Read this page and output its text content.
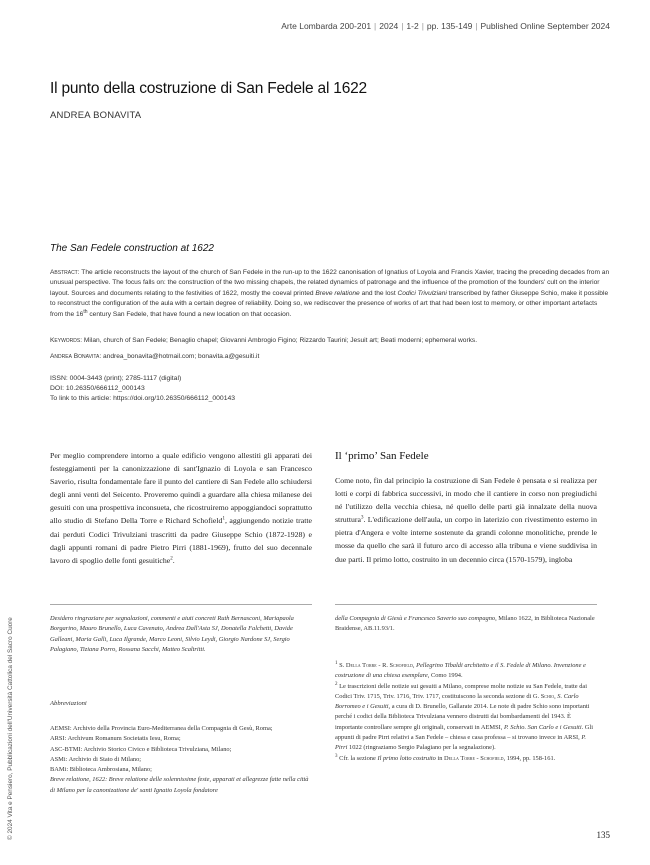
Arte Lombarda 200-201 | 2024 | 1-2 | pp. 135-149 | Published Online September 2024
Il punto della costruzione di San Fedele al 1622
ANDREA BONAVITA
The San Fedele construction at 1622
Abstract: The article reconstructs the layout of the church of San Fedele in the run-up to the 1622 canonisation of Ignatius of Loyola and Francis Xavier, tracing the preceding decades from an unusual perspective. The focus falls on: the construction of the two missing chapels, the related dynamics of patronage and the influence of the promotion of the founders' cult on the interior layout. Sources and documents relating to the festivities of 1622, mostly the coeval printed Breve relatione and the lost Codici Trivulziani transcribed by father Giuseppe Schio, make it possible to reconstruct the configuration of the aula with a certain degree of reliability. Doing so, we rediscover the presence of works of art that had been lost to memory, or other important artefacts from the 16th century San Fedele, that have found a new location on that occasion.
Keywords: Milan, church of San Fedele; Benaglio chapel; Giovanni Ambrogio Figino; Rizzardo Taurini; Jesuit art; Beati moderni; ephemeral works.
Andrea Bonavita: andrea_bonavita@hotmail.com; bonavita.a@gesuiti.it
ISSN: 0004-3443 (print); 2785-1117 (digital)
DOI: 10.26350/666112_000143
To link to this article: https://doi.org/10.26350/666112_000143
Per meglio comprendere intorno a quale edificio vengono allestiti gli apparati dei festeggiamenti per la canonizzazione di sant'Ignazio di Loyola e san Francesco Saverio, risulta fondamentale fare il punto del cantiere di San Fedele allo schiudersi degli anni venti del Seicento. Proveremo quindi a guardare alla chiesa milanese dei gesuiti con una prospettiva inconsueta, che ricostruiremo appoggiandoci soprattutto allo studio di Stefano Della Torre e Richard Schofield$^1$, aggiungendo notizie tratte dai perduti Codici Trivulziani trascritti da padre Giuseppe Schio (1872-1928) e dagli appunti romani di padre Pietro Pirri (1881-1969), frutto del suo decennale lavoro di spoglio delle fonti gesuitiche$^2$.
Il ‘primo’ San Fedele
Come noto, fin dal principio la costruzione di San Fedele è pensata e si realizza per lotti e corpi di fabbrica successivi, in modo che il cantiere in corso non pregiudichi né l'utilizzo della vecchia chiesa, né quello delle parti già innalzate della nuova struttura$^3$. L'edificazione dell'aula, un corpo in laterizio con rivestimento esterno in pietra d'Angera e volte interne sostenute da grandi colonne monolitiche, prende le mosse da quello che sarà il futuro arco di accesso alla tribuna e viene suddivisa in due parti. Il primo lotto, costruito in un decennio circa (1570-1579), ingloba
Desidero ringraziare per segnalazioni, commenti e aiuti concreti Ruth Bernasconi, Mariapaola Borgarino, Mauro Brunello, Luca Cavenato, Andrea Dall'Asta SJ, Donatella Falchetti, Davide Galleani, Maria Galli, Luca Ilgrande, Marco Leoni, Silvio Leydi, Giorgio Nardone SJ, Sergio Palagiano, Tiziana Porro, Rossana Sacchi, Matteo Scaltritti.
Abbreviazioni
AEMSI: Archivio della Provincia Euro-Mediterranea della Compagnia di Gesù, Roma;
ARSI: Archivum Romanum Societatis Iesu, Roma;
ASC-BTMI: Archivio Storico Civico e Biblioteca Trivulziana, Milano;
ASMi: Archivio di Stato di Milano;
BAMi: Biblioteca Ambrosiana, Milano;
Breve relatione, 1622: Breve relatione delle solennissime feste, apparati et allegrezze fatte nella città di Milano per la canonizatione de' santi Ignatio Loyola fondatore
della Compagnia di Giesù e Francesco Saverio suo compagno, Milano 1622, in Biblioteca Nazionale Braidense, AB.11.93/1.
$^1$ S. Della Torre - R. Schofield, Pellegrino Tibaldi architetto e il S. Fedele di Milano. Invenzione e costruzione di una chiesa esemplare, Como 1994.
$^2$ Le trascrizioni delle notizie sui gesuiti a Milano, comprese molte notizie su San Fedele, tratte dai Codici Triv. 1715, Triv. 1716, Triv. 1717, costituiscono la seconda sezione di G. Schio, S. Carlo Borromeo e i Gesuiti, a cura di D. Brunello, Gallarate 2014. Le note di padre Schio sono importanti perché i codici della Biblioteca Trivulziana vennero distrutti dai bombardamenti del 1943. È importante controllare sempre gli originali, conservati in AEMSI, P. Schio. San Carlo e i Gesuiti. Gli appunti di padre Pirri relativi a San Fedele – chiesa e casa professa – si trovano invece in ARSI, P. Pirri 1022 (ringraziamo Sergio Palagiano per la segnalazione).
$^3$ Cfr. la sezione Il primo lotto costruito in Della Torre - Schofield, 1994, pp. 158-161.
135
© 2024 Vita e Pensiero, Pubblicazioni dell'Università Cattolica del Sacro Cuore
